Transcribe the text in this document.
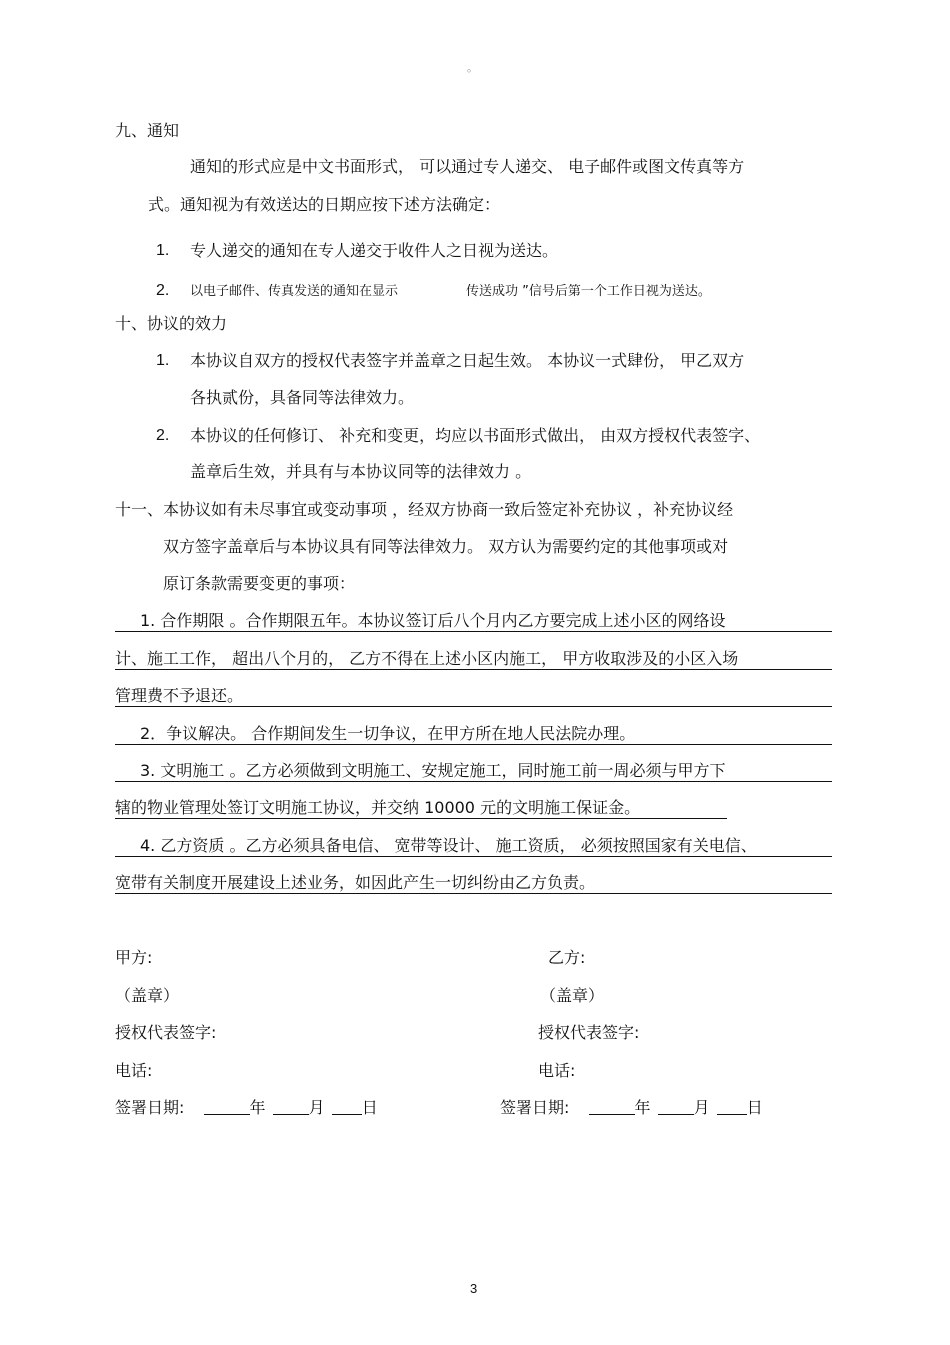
。
九、通知
通知的形式应是中文书面形式， 可以通过专人递交、 电子邮件或图文传真等方
式。通知视为有效送达的日期应按下述方法确定：
1. 专人递交的通知在专人递交于收件人之日视为送达。
2. 以电子邮件、传真发送的通知在显示	传送成功 ”信号后第一个工作日视为送达。
十、协议的效力
1. 本协议自双方的授权代表签字并盖章之日起生效。 本协议一式肆份， 甲乙双方
各执贰份，具备同等法律效力。
2. 本协议的任何修订、 补充和变更，均应以书面形式做出， 由双方授权代表签字、
盖章后生效，并具有与本协议同等的法律效力 。
十一、本协议如有未尽事宜或变动事项 ，经双方协商一致后签定补充协议 ，补充协议经
双方签字盖章后与本协议具有同等法律效力。 双方认为需要约定的其他事项或对
原订条款需要变更的事项：
1. 合作期限 。合作期限五年。本协议签订后八个月内乙方要完成上述小区的网络设
计、施工工作， 超出八个月的， 乙方不得在上述小区内施工， 甲方收取涉及的小区入场
管理费不予退还。
2．争议解决。 合作期间发生一切争议，在甲方所在地人民法院办理。
3. 文明施工 。乙方必须做到文明施工、安规定施工，同时施工前一周必须与甲方下
辖的物业管理处签订文明施工协议，并交纳 10000 元的文明施工保证金。
4. 乙方资质 。乙方必须具备电信、 宽带等设计、 施工资质， 必须按照国家有关电信、
宽带有关制度开展建设上述业务，如因此产生一切纠纷由乙方负责。
甲方:
（盖章）
授权代表签字:
电话:
签署日期:	年	月 日
乙方:
（盖章）
授权代表签字:
电话:
签署日期:	年	月 日
3
